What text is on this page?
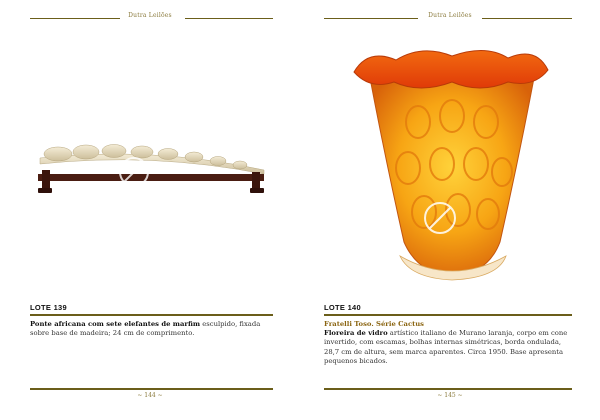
Dutra Leilões
LOTE 139
Ponte africana com sete elefantes de marfim esculpido, fixada sobre base de madeira; 24 cm de comprimento.
~ 144 ~
Dutra Leilões
LOTE 140
Fratelli Toso. Série Cactus
Floreira de vidro artístico italiano de Murano laranja, corpo em cone invertido, com escamas, bolhas internas simétricas, borda ondulada, 28,7 cm de altura, sem marca aparentes. Circa 1950. Base apresenta pequenos bicados.
~ 145 ~
